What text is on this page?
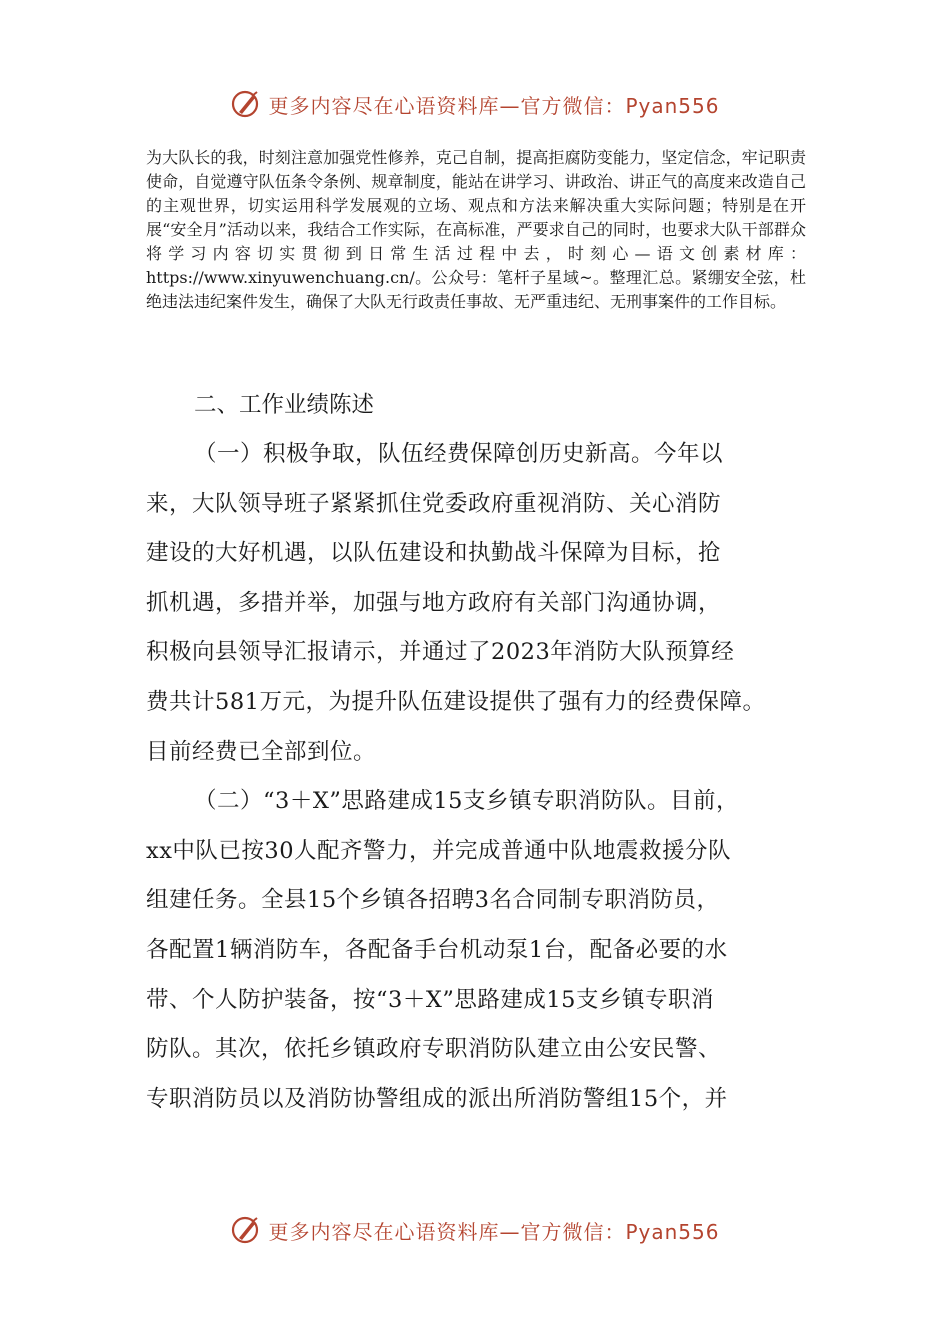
更多内容尽在心语资料库—官方微信：Pyan556

为大队长的我，时刻注意加强党性修养，克己自制，提高拒腐防变能力，坚定信念，牢记职责使命，自觉遵守队伍条令条例、规章制度，能站在讲学习、讲政治、讲正气的高度来改造自己的主观世界，切实运用科学发展观的立场、观点和方法来解决重大实际问题；特别是在开展“安全月”活动以来，我结合工作实际，在高标准，严要求自己的同时，也要求大队干部群众将学习内容切实贯彻到日常生活过程中去，时刻心—语文创素材库：https://www.xinyuwenchuang.cn/。公众号：笔杆子星域~。整理汇总。紧绷安全弦，杜绝违法违纪案件发生，确保了大队无行政责任事故、无严重违纪、无刑事案件的工作目标。

二、工作业绩陈述
（一）积极争取，队伍经费保障创历史新高。今年以
来，大队领导班子紧紧抓住党委政府重视消防、关心消防
建设的大好机遇，以队伍建设和执勤战斗保障为目标，抢
抓机遇，多措并举，加强与地方政府有关部门沟通协调，
积极向县领导汇报请示，并通过了2023年消防大队预算经
费共计581万元，为提升队伍建设提供了强有力的经费保障。
目前经费已全部到位。
（二）“3＋X”思路建成15支乡镇专职消防队。目前，
xx中队已按30人配齐警力，并完成普通中队地震救援分队
组建任务。全县15个乡镇各招聘3名合同制专职消防员，
各配置1辆消防车，各配备手台机动泵1台，配备必要的水
带、个人防护装备，按“3＋X”思路建成15支乡镇专职消
防队。其次，依托乡镇政府专职消防队建立由公安民警、
专职消防员以及消防协警组成的派出所消防警组15个，并
更多内容尽在心语资料库—官方微信：Pyan556
